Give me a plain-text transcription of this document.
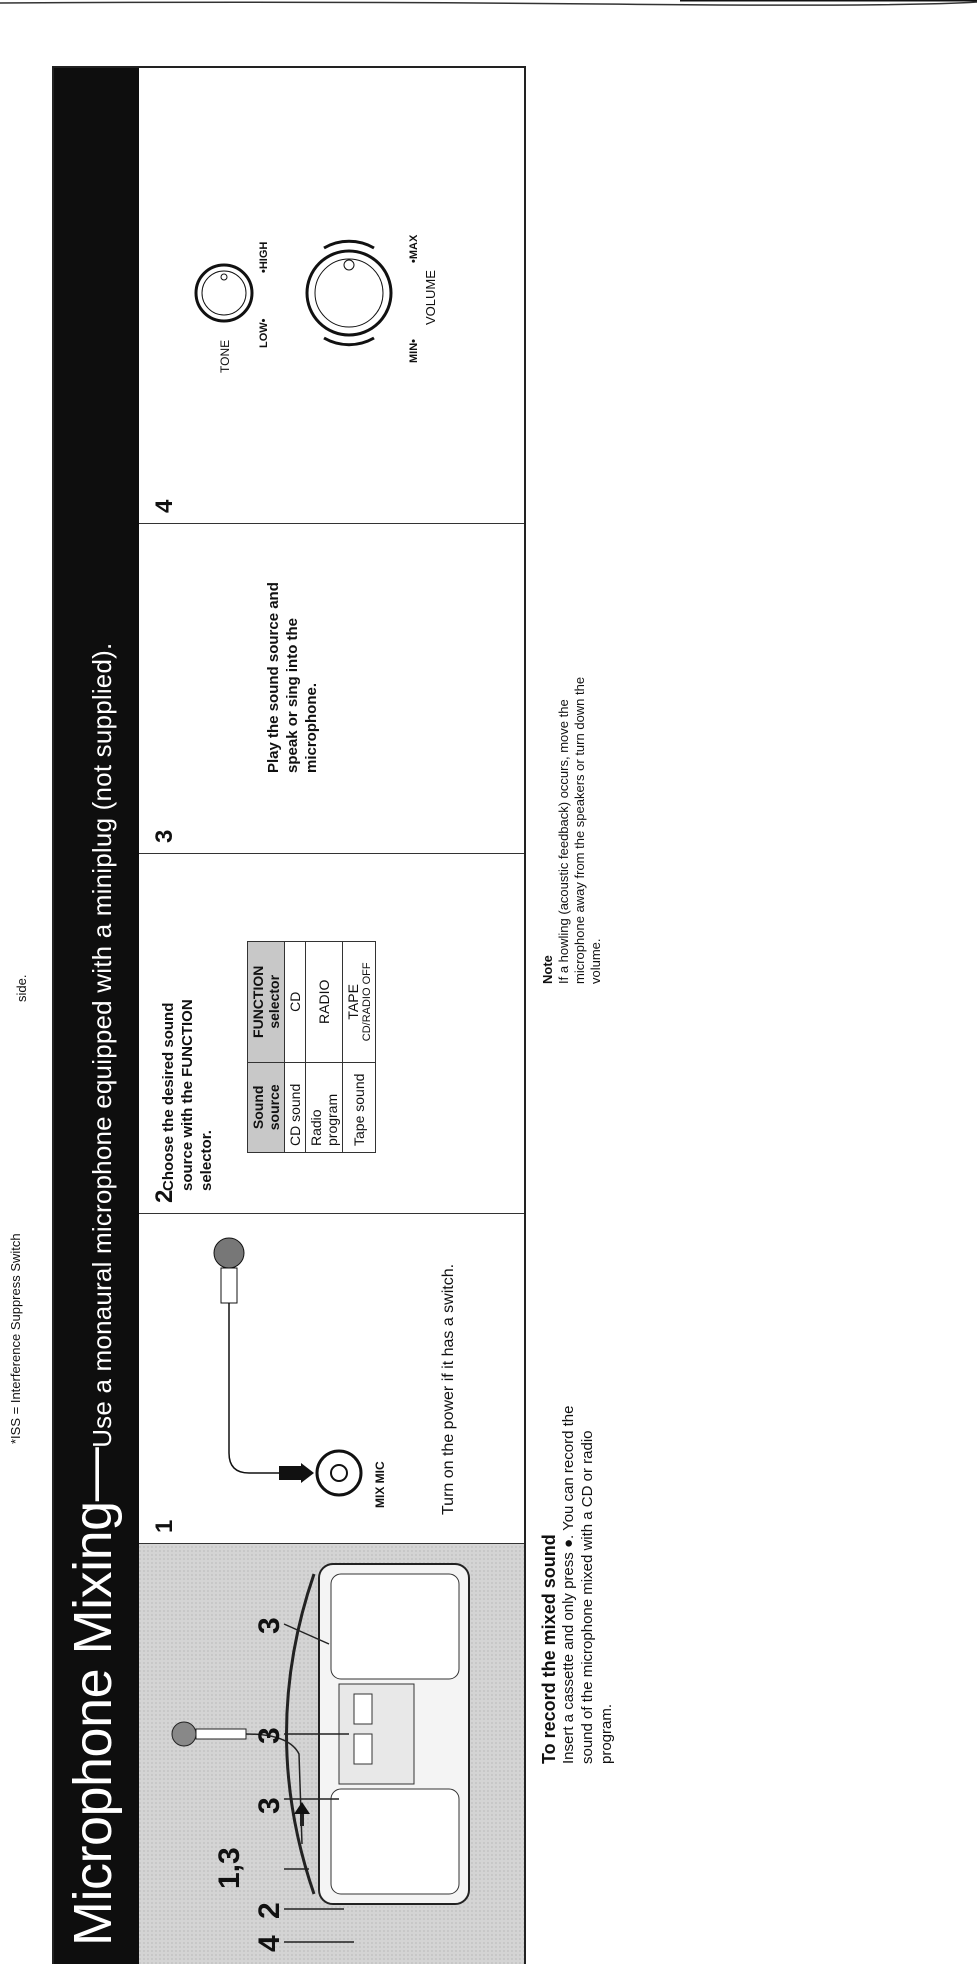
*ISS = Interference Suppress Switch
side.
Microphone Mixing—Use a monaural microphone equipped with a miniplug (not supplied).
4
2
1,3
3
3
3
1
MIX MIC	Turn on the power if it has a switch.
2
Choose the desired sound source with the FUNCTION selector.
Sound source	FUNCTION selector
CD sound	CD
Radio program	RADIO
Tape sound	TAPE CD/RADIO OFF
3
Play the sound source and speak or sing into the microphone.
4
TONE
LOW•
•HIGH
MIN•
•MAX
VOLUME
To record the mixed sound Insert a cassette and only press ●. You can record the sound of the microphone mixed with a CD or radio program.
Note If a howling (acoustic feedback) occurs, move the microphone away from the speakers or turn down the volume.
